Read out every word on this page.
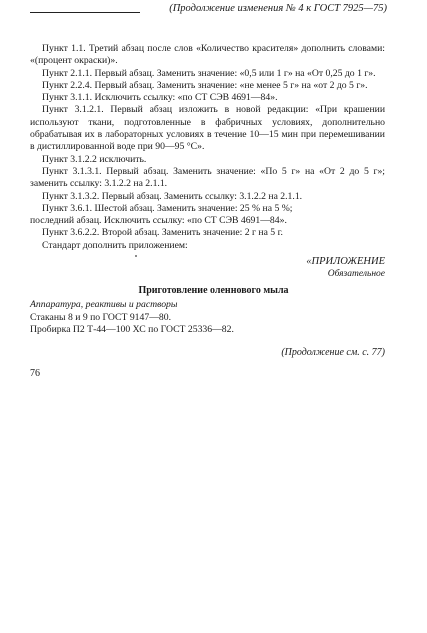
(Продолжение изменения № 4 к ГОСТ 7925—75)

Пункт 1.1. Третий абзац после слов «Количество красителя» дополнить словами: «(процент окраски)».

Пункт 2.1.1. Первый абзац. Заменить значение: «0,5 или 1 г» на «От 0,25 до 1 г».

Пункт 2.2.4. Первый абзац. Заменить значение: «не менее 5 г» на «от 2 до 5 г».

Пункт 3.1.1. Исключить ссылку: «по СТ СЭВ 4691—84».

Пункт 3.1.2.1. Первый абзац изложить в новой редакции: «При крашении используют ткани, подготовленные в фабричных условиях, дополнительно обрабатывая их в лабораторных условиях в течение 10—15 мин при перемешивании в дистиллированной воде при 90—95 °С».

Пункт 3.1.2.2 исключить.

Пункт 3.1.3.1. Первый абзац. Заменить значение: «По 5 г» на «От 2 до 5 г»; заменить ссылку: 3.1.2.2 на 2.1.1.

Пункт 3.1.3.2. Первый абзац. Заменить ссылку: 3.1.2.2 на 2.1.1.

Пункт 3.6.1. Шестой абзац. Заменить значение: 25 % на 5 %;

последний абзац. Исключить ссылку: «по СТ СЭВ 4691—84».

Пункт 3.6.2.2. Второй абзац. Заменить значение: 2 г на 5 г.

Стандарт дополнить приложением:

«ПРИЛОЖЕНИЕ
Обязательное
Приготовление оленнового мыла
Аппаратура, реактивы и растворы
Стаканы 8 и 9 по ГОСТ 9147—80.
Пробирка П2 Т-44—100 ХС по ГОСТ 25336—82.
(Продолжение см. с. 77)
76
